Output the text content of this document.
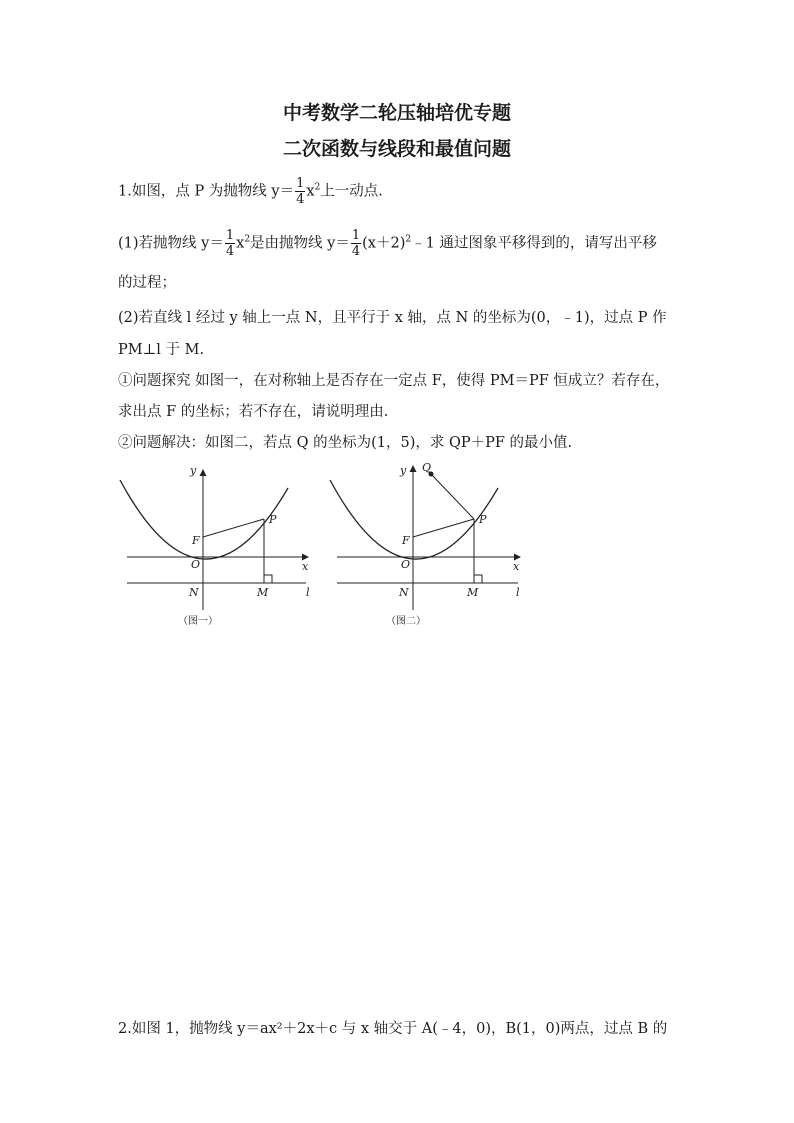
中考数学二轮压轴培优专题
二次函数与线段和最值问题
1.如图，点 P 为抛物线 $y= \frac{1}{4} x^2$上一动点.
(1)若抛物线 $y= \frac{1}{4} x^2$是由抛物线 $y= \frac{1}{4}$ $(x+2)^2﹣1$ 通过图象平移得到的，请写出平移
的过程；
(2)若直线 l 经过 y 轴上一点 N，且平行于 x 轴，点 N 的坐标为(0，﹣1)，过点 P 作
PM⊥l 于 M.
①问题探究 如图一，在对称轴上是否存在一定点 F，使得 PM＝PF 恒成立？若存在，
求出点 F 的坐标；若不存在，请说明理由.
②问题解决：如图二，若点 Q 的坐标为(1，5)，求 QP＋PF 的最小值.
y
x
P
F
O
N	M	l
（图一）
Q
y
x
P
F
O
N	M	l
（图二）
2.如图 1，抛物线 y＝ax²＋2x＋c 与 x 轴交于 A(﹣4，0)，B(1，0)两点，过点 B 的
